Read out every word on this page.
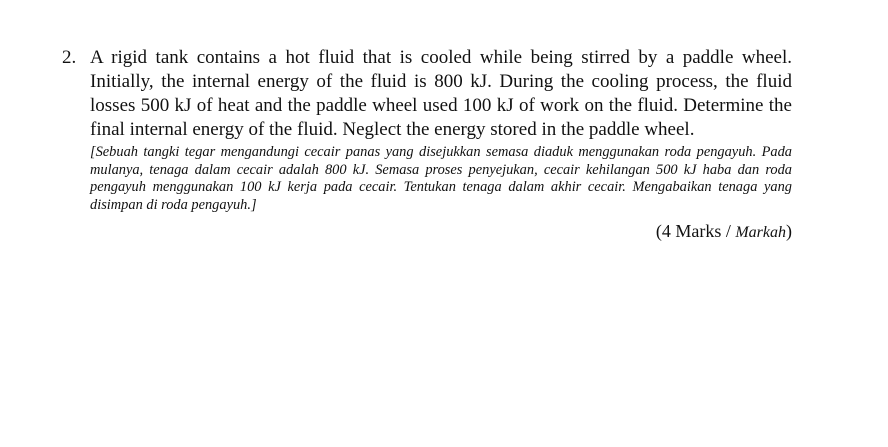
2. A rigid tank contains a hot fluid that is cooled while being stirred by a paddle wheel. Initially, the internal energy of the fluid is 800 kJ. During the cooling process, the fluid losses 500 kJ of heat and the paddle wheel used 100 kJ of work on the fluid. Determine the final internal energy of the fluid. Neglect the energy stored in the paddle wheel.

[Sebuah tangki tegar mengandungi cecair panas yang disejukkan semasa diaduk menggunakan roda pengayuh. Pada mulanya, tenaga dalam cecair adalah 800 kJ. Semasa proses penyejukan, cecair kehilangan 500 kJ haba dan roda pengayuh menggunakan 100 kJ kerja pada cecair. Tentukan tenaga dalam akhir cecair. Mengabaikan tenaga yang disimpan di roda pengayuh.]

(4 Marks / Markah)
